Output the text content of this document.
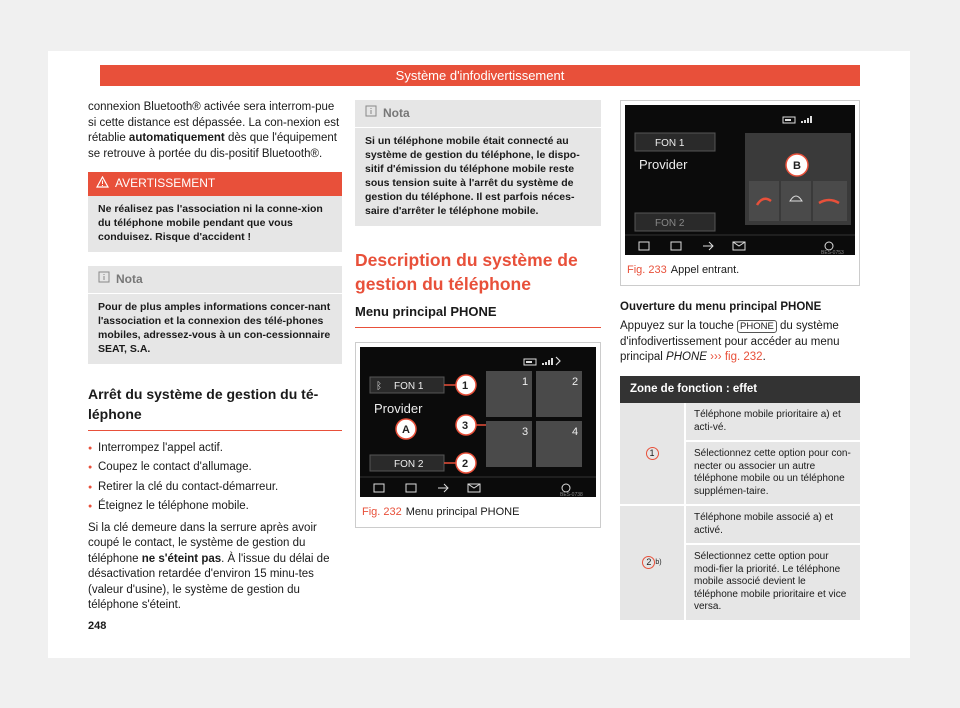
Système d'infodivertissement

connexion Bluetooth® activée sera interrom-pue si cette distance est dépassée. La con-nexion est rétablie automatiquement dès que l'équipement se retrouve à portée du dis-positif Bluetooth®.

AVERTISSEMENT
Ne réalisez pas l'association ni la conne-xion du téléphone mobile pendant que vous conduisez. Risque d'accident !
Nota
Pour de plus amples informations concer-nant l'association et la connexion des télé-phones mobiles, adressez-vous à un con-cessionnaire SEAT, S.A.
Arrêt du système de gestion du té-léphone
● Interrompez l'appel actif.
● Coupez le contact d'allumage.
● Retirer la clé du contact-démarreur.
● Éteignez le téléphone mobile.

Si la clé demeure dans la serrure après avoir coupé le contact, le système de gestion du téléphone ne s'éteint pas. À l'issue du délai de désactivation retardée d'environ 15 minu-tes (valeur d'usine), le système de gestion du téléphone s'éteint.

Nota
Si un téléphone mobile était connecté au système de gestion du téléphone, le dispo-sitif d'émission du téléphone mobile reste sous tension suite à l'arrêt du système de gestion du téléphone. Il est parfois néces-saire d'arrêter le téléphone mobile.
Description du système de gestion du téléphone
Menu principal PHONE
ᛒ FON 1
Provider
FON 2
1	2
3	4
1
2
3
A
BES-0738
Fig. 232 Menu principal PHONE
FON 1
Provider
FON 2
B
BES-0753
Fig. 233 Appel entrant.
Ouverture du menu principal PHONE

Appuyez sur la touche PHONE du système d'infodivertissement pour accéder au menu principal PHONE ››› fig. 232.

Zone de fonction : effet
1
Téléphone mobile prioritaire a) et acti-vé.
Sélectionnez cette option pour con-necter ou associer un autre téléphone mobile ou un téléphone supplémen-taire.
2 b)
Téléphone mobile associé a) et activé.
Sélectionnez cette option pour modi-fier la priorité. Le téléphone mobile associé devient le téléphone mobile prioritaire et vice versa.
248
